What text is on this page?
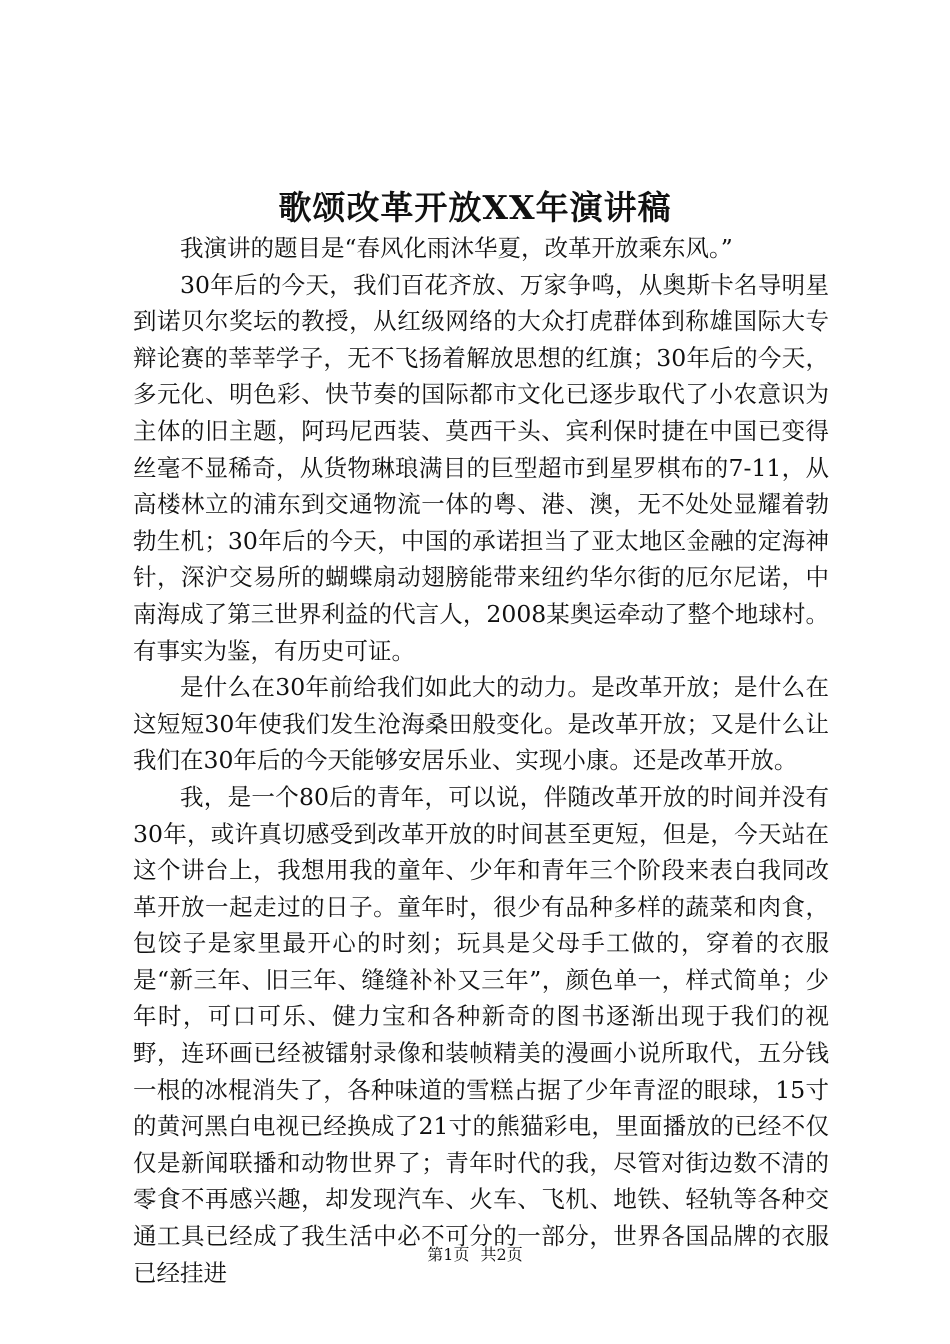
歌颂改革开放XX年演讲稿

我演讲的题目是“春风化雨沐华夏，改革开放乘东风。”

30年后的今天，我们百花齐放、万家争鸣，从奥斯卡名导明星到诺贝尔奖坛的教授，从红级网络的大众打虎群体到称雄国际大专辩论赛的莘莘学子，无不飞扬着解放思想的红旗；30年后的今天，多元化、明色彩、快节奏的国际都市文化已逐步取代了小农意识为主体的旧主题，阿玛尼西装、莫西干头、宾利保时捷在中国已变得丝毫不显稀奇，从货物琳琅满目的巨型超市到星罗棋布的7-11，从高楼林立的浦东到交通物流一体的粤、港、澳，无不处处显耀着勃勃生机；30年后的今天，中国的承诺担当了亚太地区金融的定海神针，深沪交易所的蝴蝶扇动翅膀能带来纽约华尔街的厄尔尼诺，中南海成了第三世界利益的代言人，2008某奥运牵动了整个地球村。有事实为鉴，有历史可证。

是什么在30年前给我们如此大的动力。是改革开放；是什么在这短短30年使我们发生沧海桑田般变化。是改革开放；又是什么让我们在30年后的今天能够安居乐业、实现小康。还是改革开放。

我，是一个80后的青年，可以说，伴随改革开放的时间并没有30年，或许真切感受到改革开放的时间甚至更短，但是，今天站在这个讲台上，我想用我的童年、少年和青年三个阶段来表白我同改革开放一起走过的日子。童年时，很少有品种多样的蔬菜和肉食，包饺子是家里最开心的时刻；玩具是父母手工做的，穿着的衣服是“新三年、旧三年、缝缝补补又三年”，颜色单一，样式简单；少年时，可口可乐、健力宝和各种新奇的图书逐渐出现于我们的视野，连环画已经被镭射录像和装帧精美的漫画小说所取代，五分钱一根的冰棍消失了，各种味道的雪糕占据了少年青涩的眼球，15寸的黄河黑白电视已经换成了21寸的熊猫彩电，里面播放的已经不仅仅是新闻联播和动物世界了；青年时代的我，尽管对街边数不清的零食不再感兴趣，却发现汽车、火车、飞机、地铁、轻轨等各种交通工具已经成了我生活中必不可分的一部分，世界各国品牌的衣服已经挂进

第1页 共2页
